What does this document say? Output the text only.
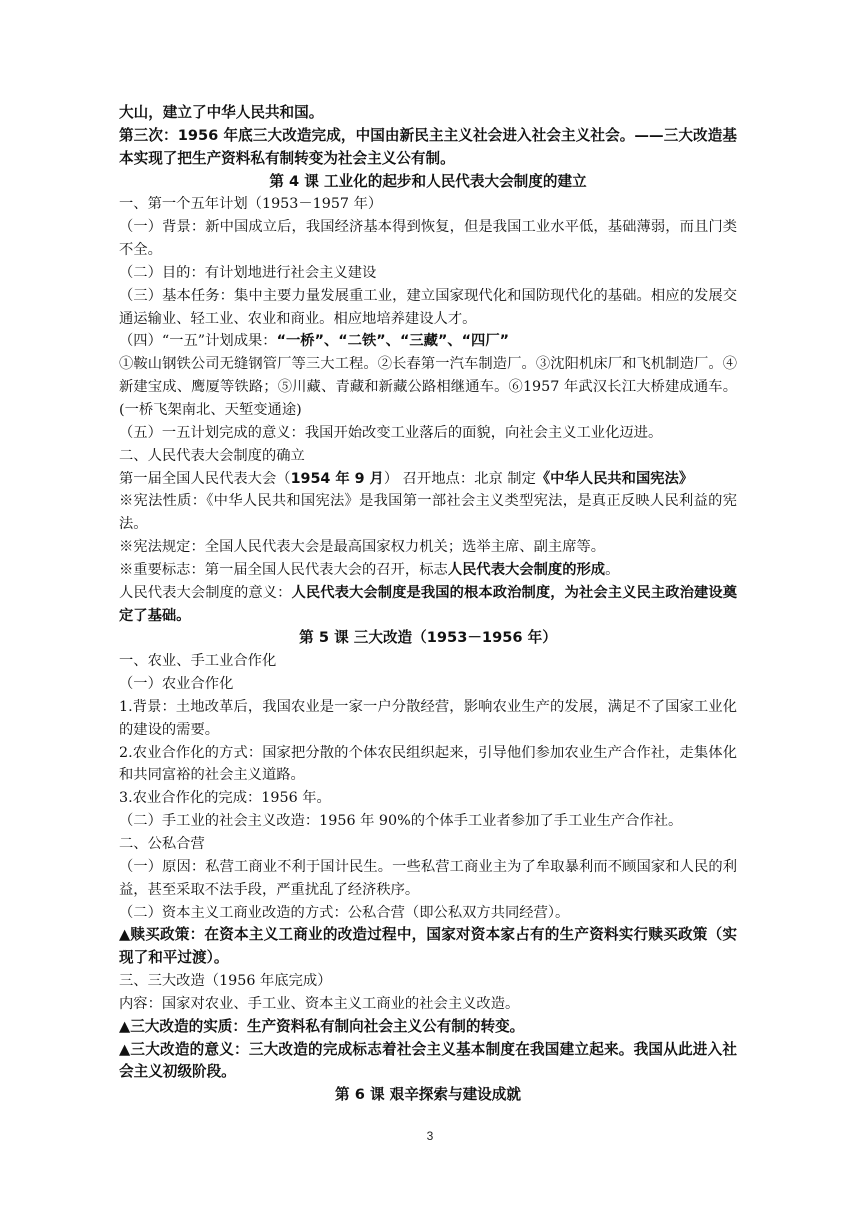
大山，建立了中华人民共和国。

第三次：1956 年底三大改造完成，中国由新民主主义社会进入社会主义社会。——三大改造基本实现了把生产资料私有制转变为社会主义公有制。

第 4 课 工业化的起步和人民代表大会制度的建立

一、第一个五年计划（1953－1957 年）

（一）背景：新中国成立后，我国经济基本得到恢复，但是我国工业水平低，基础薄弱，而且门类不全。

（二）目的：有计划地进行社会主义建设

（三）基本任务：集中主要力量发展重工业，建立国家现代化和国防现代化的基础。相应的发展交通运输业、轻工业、农业和商业。相应地培养建设人才。

（四）“一五”计划成果：“一桥”、“二铁”、“三藏”、“四厂”

①鞍山钢铁公司无缝钢管厂等三大工程。②长春第一汽车制造厂。③沈阳机床厂和飞机制造厂。④新建宝成、鹰厦等铁路；⑤川藏、青藏和新藏公路相继通车。⑥1957 年武汉长江大桥建成通车。(一桥飞架南北、天堑变通途)

（五）一五计划完成的意义：我国开始改变工业落后的面貌，向社会主义工业化迈进。

二、人民代表大会制度的确立

第一届全国人民代表大会（1954 年 9 月） 召开地点：北京 制定《中华人民共和国宪法》

※宪法性质：《中华人民共和国宪法》是我国第一部社会主义类型宪法，是真正反映人民利益的宪法。

※宪法规定：全国人民代表大会是最高国家权力机关；选举主席、副主席等。

※重要标志：第一届全国人民代表大会的召开，标志人民代表大会制度的形成。

人民代表大会制度的意义：人民代表大会制度是我国的根本政治制度，为社会主义民主政治建设奠定了基础。

第 5 课 三大改造（1953－1956 年）

一、农业、手工业合作化

（一）农业合作化

1.背景：土地改革后，我国农业是一家一户分散经营，影响农业生产的发展，满足不了国家工业化的建设的需要。

2.农业合作化的方式：国家把分散的个体农民组织起来，引导他们参加农业生产合作社，走集体化和共同富裕的社会主义道路。

3.农业合作化的完成：1956 年。

（二）手工业的社会主义改造：1956 年 90%的个体手工业者参加了手工业生产合作社。

二、公私合营

（一）原因：私营工商业不利于国计民生。一些私营工商业主为了牟取暴利而不顾国家和人民的利益，甚至采取不法手段，严重扰乱了经济秩序。

（二）资本主义工商业改造的方式：公私合营（即公私双方共同经营）。

▲赎买政策：在资本主义工商业的改造过程中，国家对资本家占有的生产资料实行赎买政策（实现了和平过渡）。

三、三大改造（1956 年底完成）

内容：国家对农业、手工业、资本主义工商业的社会主义改造。

▲三大改造的实质：生产资料私有制向社会主义公有制的转变。

▲三大改造的意义：三大改造的完成标志着社会主义基本制度在我国建立起来。我国从此进入社会主义初级阶段。

第 6 课 艰辛探索与建设成就

3
